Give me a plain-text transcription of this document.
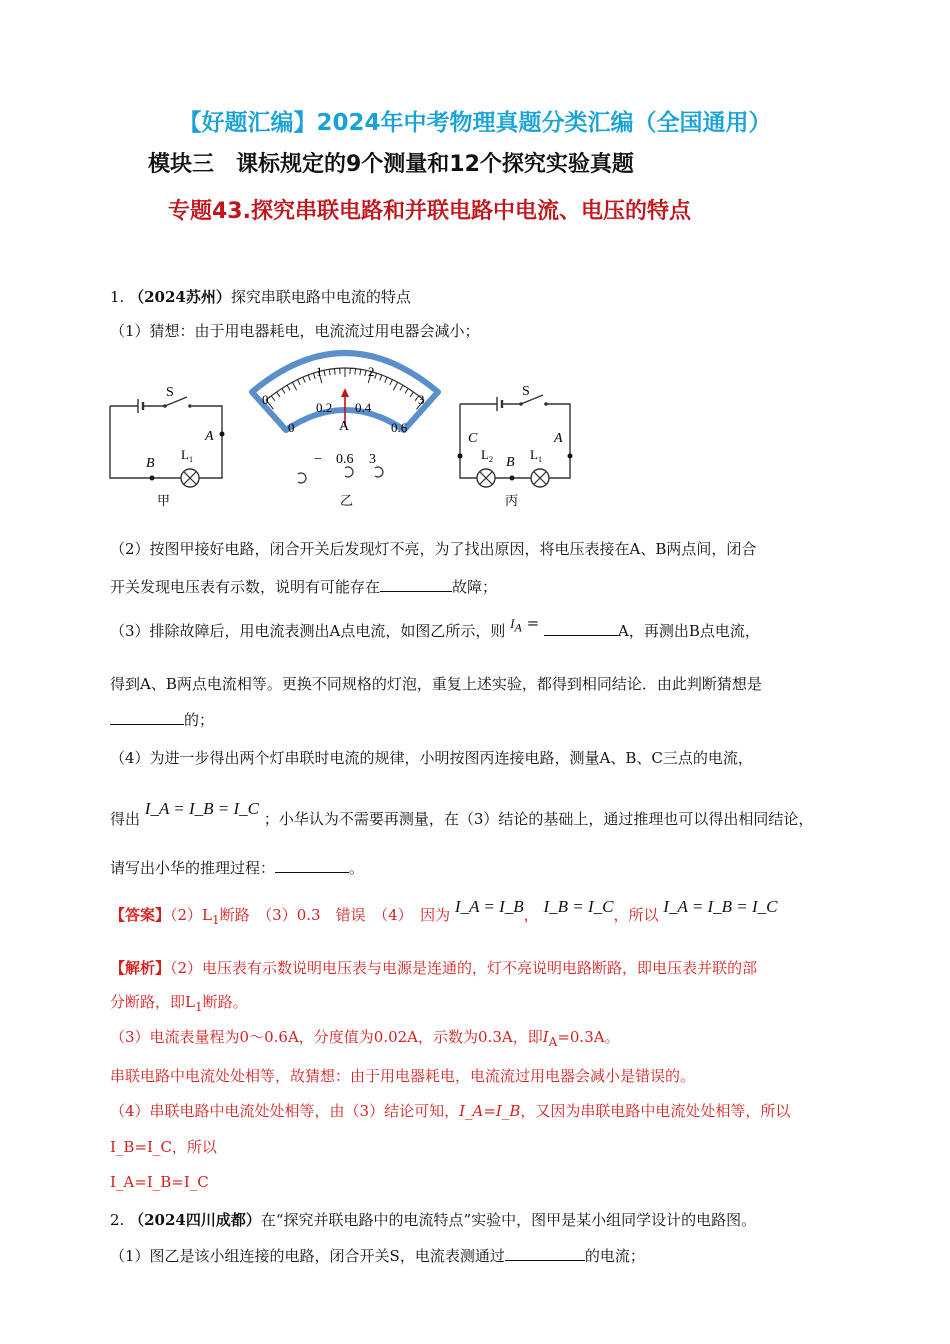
【好题汇编】2024年中考物理真题分类汇编（全国通用）
模块三　课标规定的9个测量和12个探究实验真题
专题43.探究串联电路和并联电路中电流、电压的特点
1. （2024苏州）探究串联电路中电流的特点
（1）猜想：由于用电器耗电，电流流过用电器会减小；
S
A
B
$L_1$
甲
0
1	2
3
0
0.2 0.4
0.6
A
− 0.6 3
乙
S
C	A
B
$L_2$	$L_1$
丙
（2）按图甲接好电路，闭合开关后发现灯不亮，为了找出原因，将电压表接在A、B两点间，闭合
开关发现电压表有示数，说明有可能存在	故障；
（3）排除故障后，用电流表测出A点电流，如图乙所示，则 $I_A$ =	A，再测出B点电流，
得到A、B两点电流相等。更换不同规格的灯泡，重复上述实验，都得到相同结论．由此判断猜想是
的；
（4）为进一步得出两个灯串联时电流的规律，小明按图丙连接电路，测量A、B、C三点的电流，
得出 I_A = I_B = I_C ；小华认为不需要再测量，在（3）结论的基础上，通过推理也可以得出相同结论，
请写出小华的推理过程：	。
【答案】$(2)L_1$断路　（3）0.3　错误　（4）　因为 I_A = I_B， I_B = I_C，所以 I_A = I_B = I_C
【解析】（2）电压表有示数说明电压表与电源是连通的，灯不亮说明电路断路，即电压表并联的部
分断路，即$L_1$断路。
（3）电流表量程为0～0.6A，分度值为0.02A，示数为0.3A，即$I_A=0.3A$。
串联电路中电流处处相等，故猜想：由于用电器耗电，电流流过用电器会减小是错误的。
（4）串联电路中电流处处相等，由（3）结论可知，I_A=I_B，又因为串联电路中电流处处相等，所以
I_B=I_C，所以
I_A=I_B=I_C
2. （2024四川成都）在“探究并联电路中的电流特点”实验中，图甲是某小组同学设计的电路图。
（1）图乙是该小组连接的电路，闭合开关S，电流表测通过	的电流；
